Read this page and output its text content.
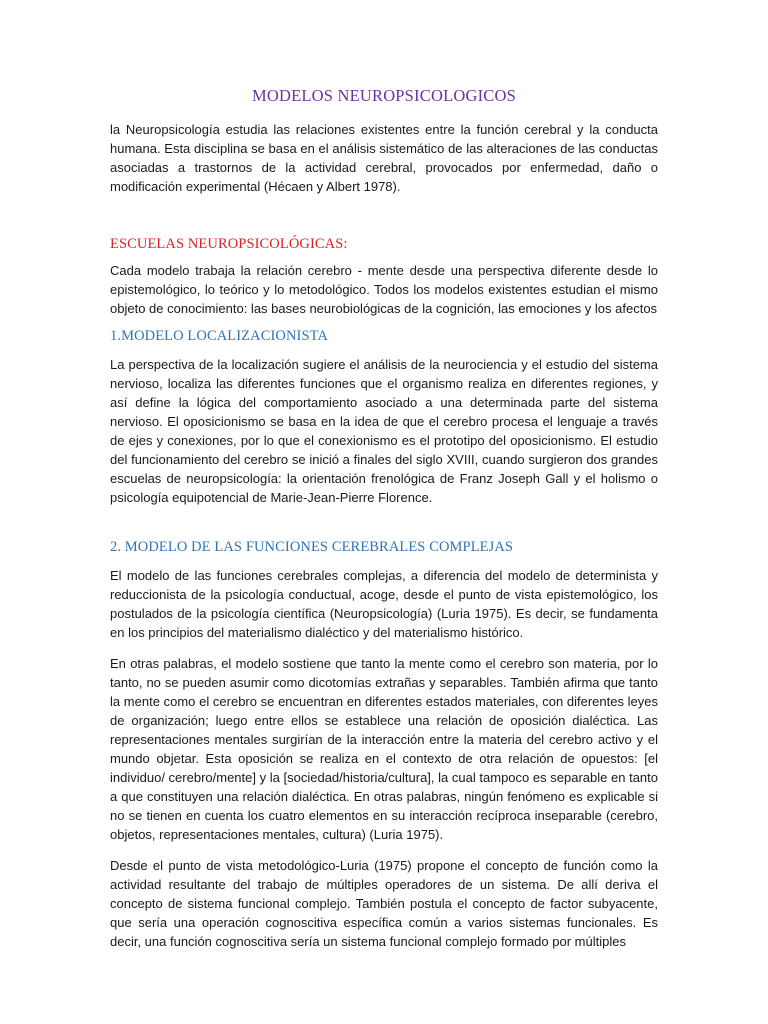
MODELOS NEUROPSICOLOGICOS

la Neuropsicología estudia las relaciones existentes entre la función cerebral y la conducta humana. Esta disciplina se basa en el análisis sistemático de las alteraciones de las conductas asociadas a trastornos de la actividad cerebral, provocados por enfermedad, daño o modificación experimental (Hécaen y Albert 1978).

ESCUELAS NEUROPSICOLÓGICAS:

Cada modelo trabaja la relación cerebro - mente desde una perspectiva diferente desde lo epistemológico, lo teórico y lo metodológico. Todos los modelos existentes estudian el mismo objeto de conocimiento: las bases neurobiológicas de la cognición, las emociones y los afectos

1.MODELO LOCALIZACIONISTA

La perspectiva de la localización sugiere el análisis de la neurociencia y el estudio del sistema nervioso, localiza las diferentes funciones que el organismo realiza en diferentes regiones, y así define la lógica del comportamiento asociado a una determinada parte del sistema nervioso. El oposicionismo se basa en la idea de que el cerebro procesa el lenguaje a través de ejes y conexiones, por lo que el conexionismo es el prototipo del oposicionismo. El estudio del funcionamiento del cerebro se inició a finales del siglo XVIII, cuando surgieron dos grandes escuelas de neuropsicología: la orientación frenológica de Franz Joseph Gall y el holismo o psicología equipotencial de Marie-Jean-Pierre Florence.

2. MODELO DE LAS FUNCIONES CEREBRALES COMPLEJAS

El modelo de las funciones cerebrales complejas, a diferencia del modelo de determinista y reduccionista de la psicología conductual, acoge, desde el punto de vista epistemológico, los postulados de la psicología científica (Neuropsicología) (Luria 1975). Es decir, se fundamenta en los principios del materialismo dialéctico y del materialismo histórico.

En otras palabras, el modelo sostiene que tanto la mente como el cerebro son materia, por lo tanto, no se pueden asumir como dicotomías extrañas y separables. También afirma que tanto la mente como el cerebro se encuentran en diferentes estados materiales, con diferentes leyes de organización; luego entre ellos se establece una relación de oposición dialéctica. Las representaciones mentales surgirían de la interacción entre la materia del cerebro activo y el mundo objetar. Esta oposición se realiza en el contexto de otra relación de opuestos: [el individuo/ cerebro/mente] y la [sociedad/historia/cultura], la cual tampoco es separable en tanto a que constituyen una relación dialéctica. En otras palabras, ningún fenómeno es explicable si no se tienen en cuenta los cuatro elementos en su interacción recíproca inseparable (cerebro, objetos, representaciones mentales, cultura) (Luria 1975).

Desde el punto de vista metodológico-Luria (1975) propone el concepto de función como la actividad resultante del trabajo de múltiples operadores de un sistema. De allí deriva el concepto de sistema funcional complejo. También postula el concepto de factor subyacente, que sería una operación cognoscitiva específica común a varios sistemas funcionales. Es decir, una función cognoscitiva sería un sistema funcional complejo formado por múltiples
